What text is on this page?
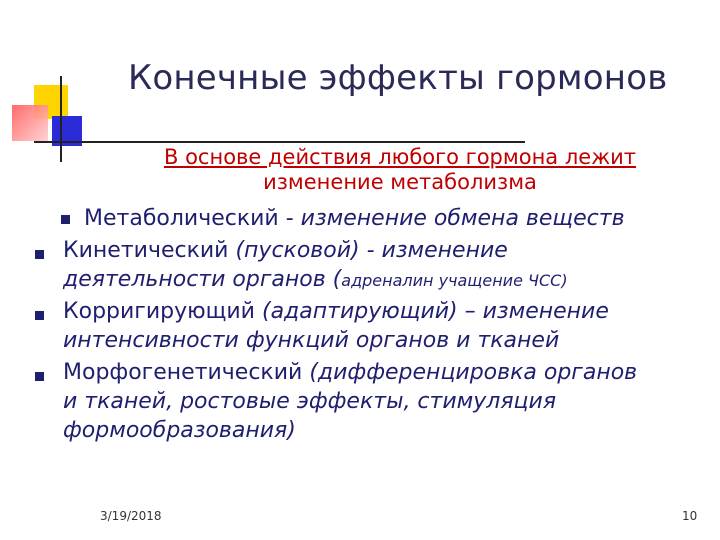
Конечные эффекты гормонов
В основе действия любого гормона лежит
изменение метаболизма
Метаболический - изменение обмена веществ
Кинетический (пусковой) - изменение
деятельности органов (адреналин учащение ЧСС)
Корригирующий (адаптирующий) – изменение
интенсивности функций органов и тканей
Морфогенетический (дифференцировка органов
и тканей, ростовые эффекты, стимуляция
формообразования)
3/19/2018	10
